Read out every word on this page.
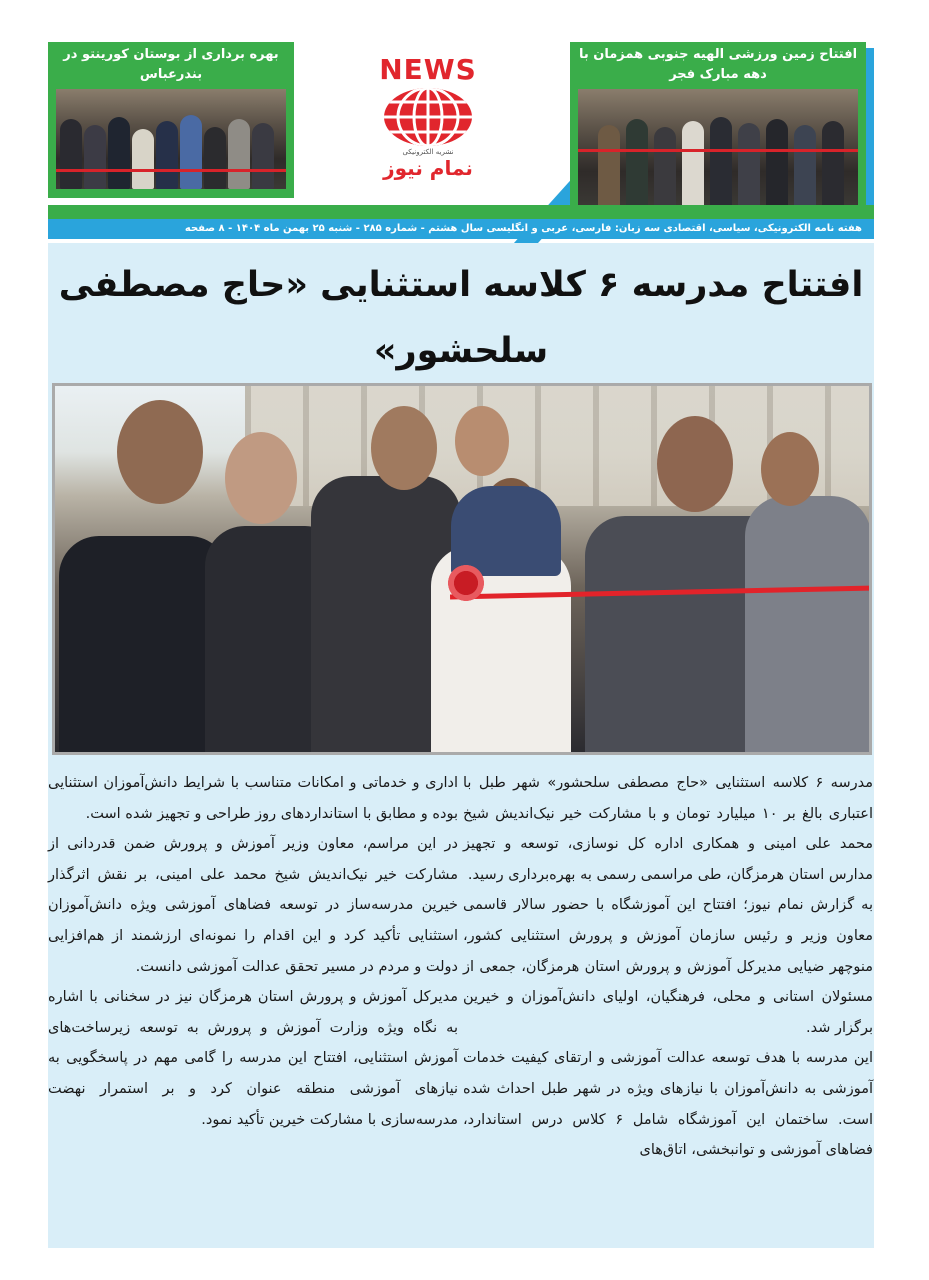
بهره برداری از بوستان کورینتو در بندرعباس	NEWS
نشریه الکترونیکی
نمام نیوز
افتتاح زمین ورزشی الهیه جنوبی همزمان با دهه مبارک فجر
هفته نامه الکترونیکی، سیاسی، اقتصادی سه زبان: فارسی، عربی و انگلیسی سال هشتم - شماره ۲۸۵ - شنبه ۲۵ بهمن ماه ۱۴۰۴ - ۸ صفحه
افتتاح مدرسه ۶ کلاسه استثنایی «حاج مصطفی سلحشور»

مدرسه ۶ کلاسه استثنایی «حاج مصطفی سلحشور» شهر طبل با اعتباری بالغ بر ۱۰ میلیارد تومان و با مشارکت خیر نیک‌اندیش شیخ محمد علی امینی و همکاری اداره کل نوسازی، توسعه و تجهیز مدارس استان هرمزگان، طی مراسمی رسمی به بهره‌برداری رسید.

به گزارش نمام نیوز؛ افتتاح این آموزشگاه با حضور سالار قاسمی معاون وزیر و رئیس سازمان آموزش و پرورش استثنایی کشور، منوچهر ضیایی مدیرکل آموزش و پرورش استان هرمزگان، جمعی از مسئولان استانی و محلی، فرهنگیان، اولیای دانش‌آموزان و خیرین برگزار شد.

این مدرسه با هدف توسعه عدالت آموزشی و ارتقای کیفیت خدمات آموزشی به دانش‌آموزان با نیازهای ویژه در شهر طبل احداث شده است. ساختمان این آموزشگاه شامل ۶ کلاس درس استاندارد، فضاهای آموزشی و توانبخشی، اتاق‌های

اداری و خدماتی و امکانات متناسب با شرایط دانش‌آموزان استثنایی بوده و مطابق با استانداردهای روز طراحی و تجهیز شده است.

در این مراسم، معاون وزیر آموزش و پرورش ضمن قدردانی از مشارکت خیر نیک‌اندیش شیخ محمد علی امینی، بر نقش اثرگذار خیرین مدرسه‌ساز در توسعه فضاهای آموزشی ویژه دانش‌آموزان استثنایی تأکید کرد و این اقدام را نمونه‌ای ارزشمند از هم‌افزایی دولت و مردم در مسیر تحقق عدالت آموزشی دانست.

مدیرکل آموزش و پرورش استان هرمزگان نیز در سخنانی با اشاره به نگاه ویژه وزارت آموزش و پرورش به توسعه زیرساخت‌های آموزش استثنایی، افتتاح این مدرسه را گامی مهم در پاسخگویی به نیازهای آموزشی منطقه عنوان کرد و بر استمرار نهضت مدرسه‌سازی با مشارکت خیرین تأکید نمود.
